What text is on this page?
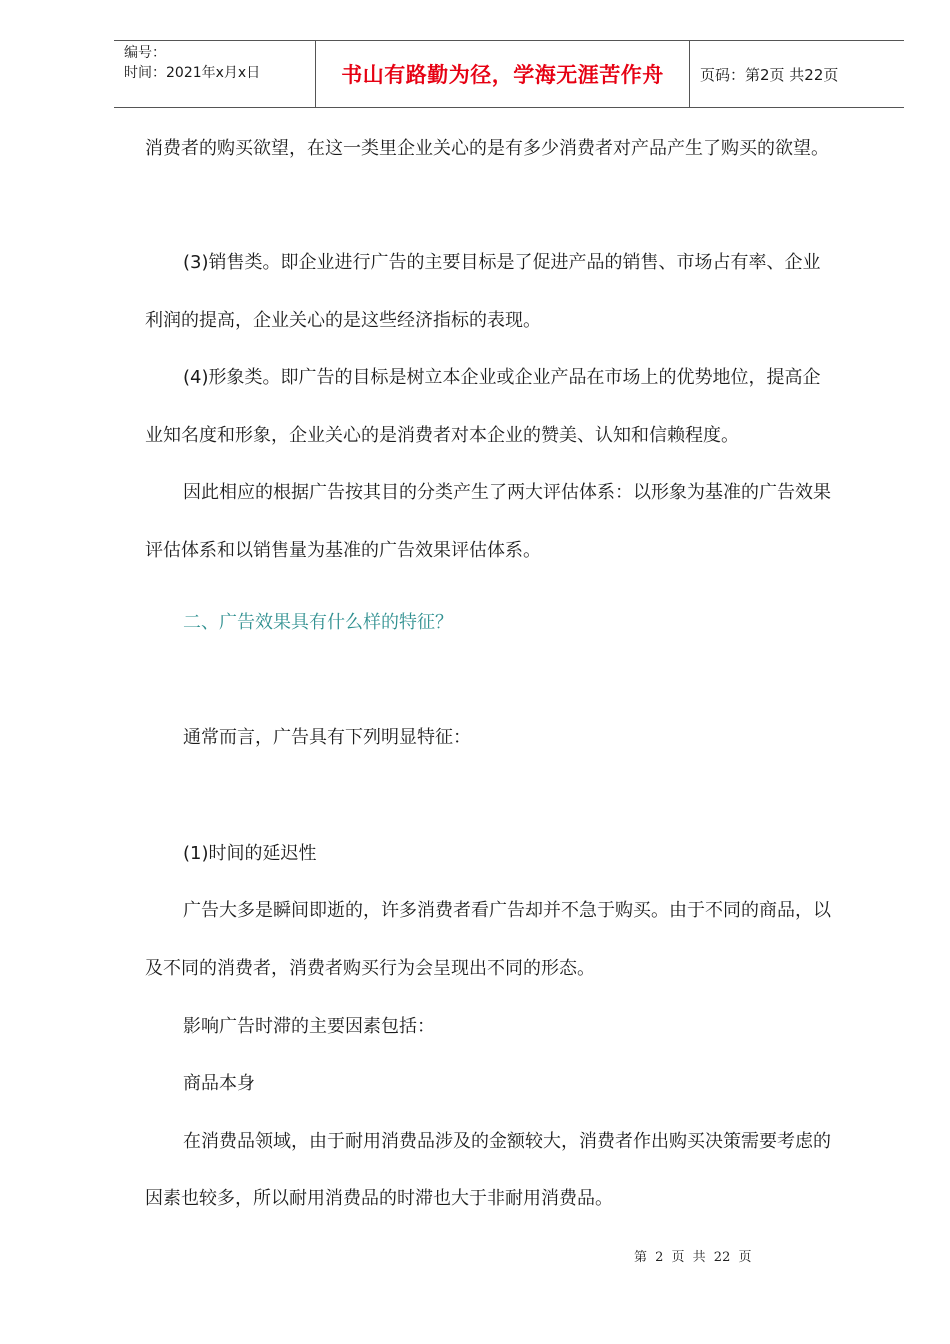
编号：
时间：2021年x月x日	书山有路勤为径，学海无涯苦作舟	页码：第2页 共22页
消费者的购买欲望，在这一类里企业关心的是有多少消费者对产品产生了购买的欲望。
(3)销售类。即企业进行广告的主要目标是了促进产品的销售、市场占有率、企业
利润的提高，企业关心的是这些经济指标的表现。
(4)形象类。即广告的目标是树立本企业或企业产品在市场上的优势地位，提高企
业知名度和形象，企业关心的是消费者对本企业的赞美、认知和信赖程度。
因此相应的根据广告按其目的分类产生了两大评估体系：以形象为基准的广告效果
评估体系和以销售量为基准的广告效果评估体系。
二、广告效果具有什么样的特征？
通常而言，广告具有下列明显特征：
(1)时间的延迟性
广告大多是瞬间即逝的，许多消费者看广告却并不急于购买。由于不同的商品，以
及不同的消费者，消费者购买行为会呈现出不同的形态。
影响广告时滞的主要因素包括：
商品本身
在消费品领域，由于耐用消费品涉及的金额较大，消费者作出购买决策需要考虑的
因素也较多，所以耐用消费品的时滞也大于非耐用消费品。
第 2 页 共 22 页
